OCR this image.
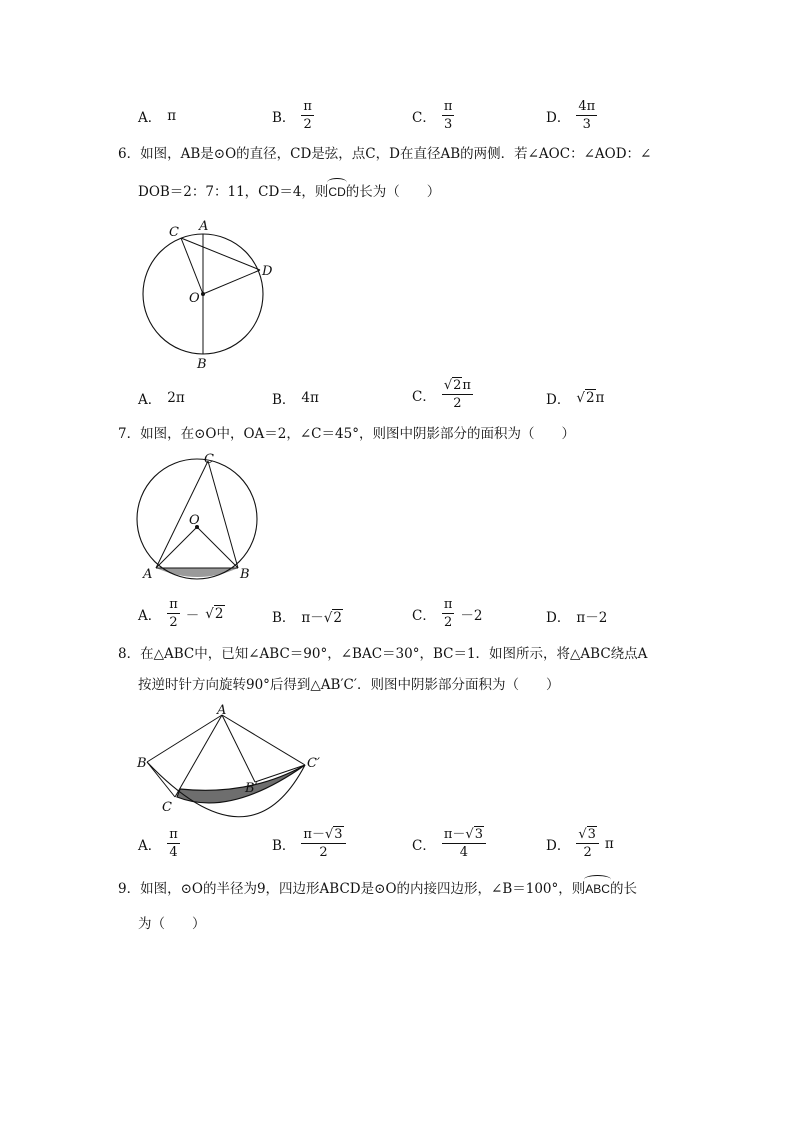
A． π	B． $\frac{\pi}{2}$	C． $\frac{\pi}{3}$	D． $\frac{4\pi}{3}$
6．如图，AB是⊙O的直径，CD是弦，点C，D在直径AB的两侧．若∠AOC：∠AOD：∠
DOB＝2：7：11，CD＝4，则CD的长为（　　）
C A
D
O
B
A． 2π	B． 4π	C． $\frac{√2\pi}{2}$	D． √2π
7．如图，在⊙O中，OA＝2，∠C＝45°，则图中阴影部分的面积为（　　）
C
O
A	B
A． $\frac{\pi}{2} - √2$	B． π－√2	C． $\frac{\pi}{2} -2$	D． π－2
8．在△ABC中，已知∠ABC＝90°，∠BAC＝30°，BC＝1．如图所示，将△ABC绕点A
按逆时针方向旋转90°后得到△AB′C′．则图中阴影部分面积为（　　）
A
B
C
B′
C′
A． $\frac{\pi}{4}$	B． $\frac{\pi-√3}{2}$	C． $\frac{\pi-√3}{4}$	D． $\frac{√3}{2}$ π
9．如图，⊙O的半径为9，四边形ABCD是⊙O的内接四边形，∠B＝100°，则ABC的长
为（　　）
